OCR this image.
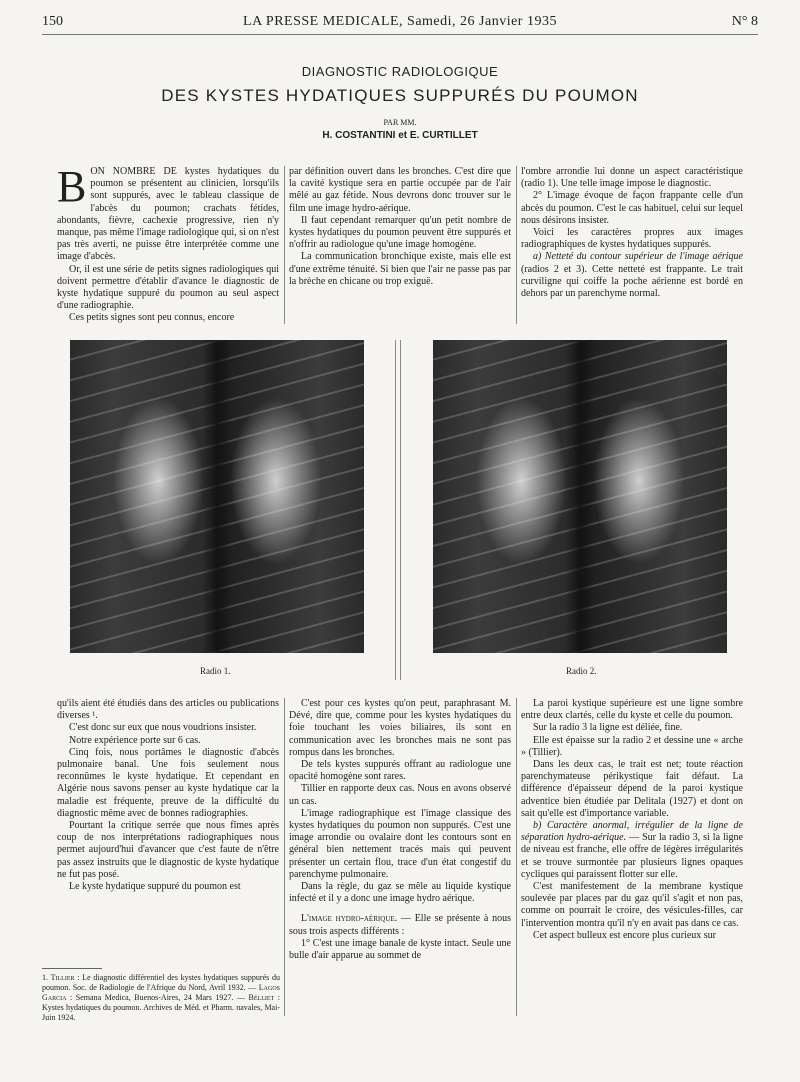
150	LA PRESSE MEDICALE, Samedi, 26 Janvier 1935	N° 8
DIAGNOSTIC RADIOLOGIQUE
DES KYSTES HYDATIQUES SUPPURÉS DU POUMON
PAR MM.
H. COSTANTINI et E. CURTILLET

BON NOMBRE DE kystes hydatiques du poumon se présentent au clinicien, lorsqu'ils sont suppurés, avec le tableau classique de l'abcès du poumon; crachats fétides, abondants, fièvre, cachexie progressive, rien n'y manque, pas même l'image radiologique qui, si on n'est pas très averti, ne puisse être interprétée comme une image d'abcès.

Or, il est une série de petits signes radiologiques qui doivent permettre d'établir d'avance le diagnostic de kyste hydatique suppuré du poumon au seul aspect d'une radiographie.

Ces petits signes sont peu connus, encore

par définition ouvert dans les bronches. C'est dire que la cavité kystique sera en partie occupée par de l'air mêlé au gaz fétide. Nous devrons donc trouver sur le film une image hydro-aérique.

Il faut cependant remarquer qu'un petit nombre de kystes hydatiques du poumon peuvent être suppurés et n'offrir au radiologue qu'une image homogène.

La communication bronchique existe, mais elle est d'une extrême ténuité. Si bien que l'air ne passe pas par la brèche en chicane ou trop exiguë.

l'ombre arrondie lui donne un aspect caractéristique (radio 1). Une telle image impose le diagnostic.

2° L'image évoque de façon frappante celle d'un abcès du poumon. C'est le cas habituel, celui sur lequel nous désirons insister.

Voici les caractères propres aux images radiographiques de kystes hydatiques suppurés.

a) Netteté du contour supérieur de l'image aérique (radios 2 et 3). Cette netteté est frappante. Le trait curviligne qui coiffe la poche aérienne est bordé en dehors par un parenchyme normal.

Radio 1.	Radio 2.

qu'ils aient été étudiés dans des articles ou publications diverses ¹.

C'est donc sur eux que nous voudrions insister.

Notre expérience porte sur 6 cas.

Cinq fois, nous portâmes le diagnostic d'abcès pulmonaire banal. Une fois seulement nous reconnûmes le kyste hydatique. Et cependant en Algérie nous savons penser au kyste hydatique car la maladie est fréquente, preuve de la difficulté du diagnostic même avec de bonnes radiographies.

Pourtant la critique serrée que nous fîmes après coup de nos interprétations radiographiques nous permet aujourd'hui d'avancer que c'est faute de n'être pas assez instruits que le diagnostic de kyste hydatique ne fut pas posé.

Le kyste hydatique suppuré du poumon est

C'est pour ces kystes qu'on peut, paraphrasant M. Dévé, dire que, comme pour les kystes hydatiques du foie touchant les voies biliaires, ils sont en communication avec les bronches mais ne sont pas rompus dans les bronches.

De tels kystes suppurés offrant au radiologue une opacité homogène sont rares.

Tillier en rapporte deux cas. Nous en avons observé un cas.

L'image radiographique est l'image classique des kystes hydatiques du poumon non suppurés. C'est une image arrondie ou ovalaire dont les contours sont en général bien nettement tracés mais qui peuvent présenter un certain flou, trace d'un état congestif du parenchyme pulmonaire.

Dans la règle, du gaz se mêle au liquide kystique infecté et il y a donc une image hydro aérique.

L'image hydro-aérique. — Elle se présente à nous sous trois aspects différents :

1° C'est une image banale de kyste intact. Seule une bulle d'air apparue au sommet de

La paroi kystique supérieure est une ligne sombre entre deux clartés, celle du kyste et celle du poumon.

Sur la radio 3 la ligne est déliée, fine.

Elle est épaisse sur la radio 2 et dessine une « arche » (Tillier).

Dans les deux cas, le trait est net; toute réaction parenchymateuse périkystique fait défaut. La différence d'épaisseur dépend de la paroi kystique adventice bien étudiée par Delitala (1927) et dont on sait qu'elle est d'importance variable.

b) Caractère anormal, irrégulier de la ligne de séparation hydro-aérique. — Sur la radio 3, si la ligne de niveau est franche, elle offre de légères irrégularités et se trouve surmontée par plusieurs lignes opaques cycliques qui paraissent flotter sur elle.

C'est manifestement de la membrane kystique soulevée par places par du gaz qu'il s'agit et non pas, comme on pourrait le croire, des vésicules-filles, car l'intervention montra qu'il n'y en avait pas dans ce cas.

Cet aspect bulleux est encore plus curieux sur

1. Tillier : Le diagnostic différentiel des kystes hydatiques suppurés du poumon. Soc. de Radiologie de l'Afrique du Nord, Avril 1932. — Lagos Garcia : Semana Medica, Buenos-Aires, 24 Mars 1927. — Bélliet : Kystes hydatiques du poumon. Archives de Méd. et Pharm. navales, Mai-Juin 1924.
